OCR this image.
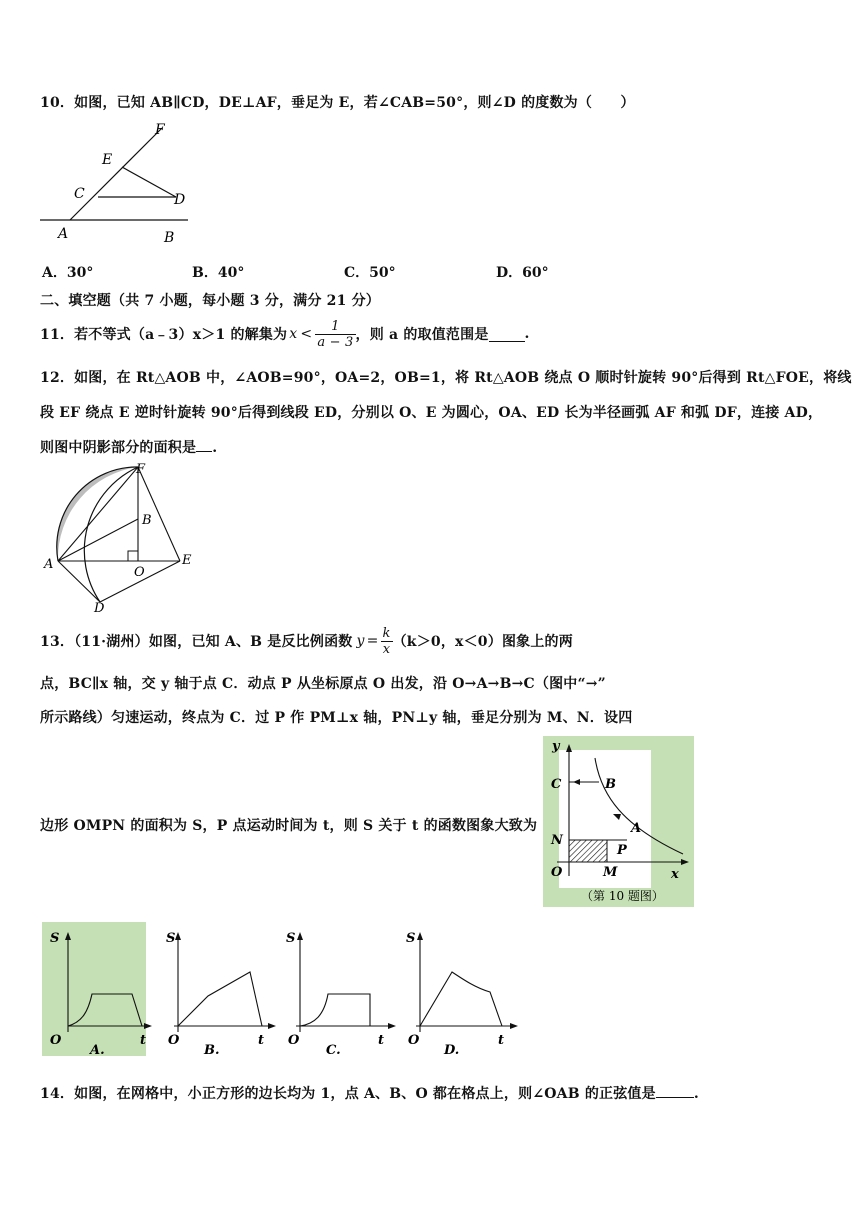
10．如图，已知 AB∥CD，DE⊥AF，垂足为 E，若∠CAB=50°，则∠D 的度数为（　　）
F
E
C	D
A	B
A．30°	B．40°	C．50°	D．60°
二、填空题（共 7 小题，每小题 3 分，满分 21 分）
11．若不等式（a﹣3）x＞1 的解集为 $x < \frac{1}{a - 3}$ ，则 a 的取值范围是	.
12．如图，在 Rt△AOB 中，∠AOB=90°，OA=2，OB=1，将 Rt△AOB 绕点 O 顺时针旋转 90°后得到 Rt△FOE，将线
段 EF 绕点 E 逆时针旋转 90°后得到线段 ED，分别以 O、E 为圆心，OA、ED 长为半径画弧 AF 和弧 DF，连接 AD，
则图中阴影部分的面积是 .
F
B
A
O
E
D
13．（11·湖州）如图，已知 A、B 是反比例函数 $y = \frac{k}{x} (k>0$，x＜0）图象上的两
点，BC∥x 轴，交 y 轴于点 C．动点 P 从坐标原点 O 出发，沿 O→A→B→C（图中“→”
所示路线）匀速运动，终点为 C．过 P 作 PM⊥x 轴，PN⊥y 轴，垂足分别为 M、N．设四
边形 OMPN 的面积为 S，P 点运动时间为 t，则 S 关于 t 的函数图象大致为
y
C	B
N
A
P
O	M	x
（第 10 题图）
S
O	t
A.
S
O	t
B.
S
O	t
C.
S
O	t
D.
14．如图，在网格中，小正方形的边长均为 1，点 A、B、O 都在格点上，则∠OAB 的正弦值是	.
